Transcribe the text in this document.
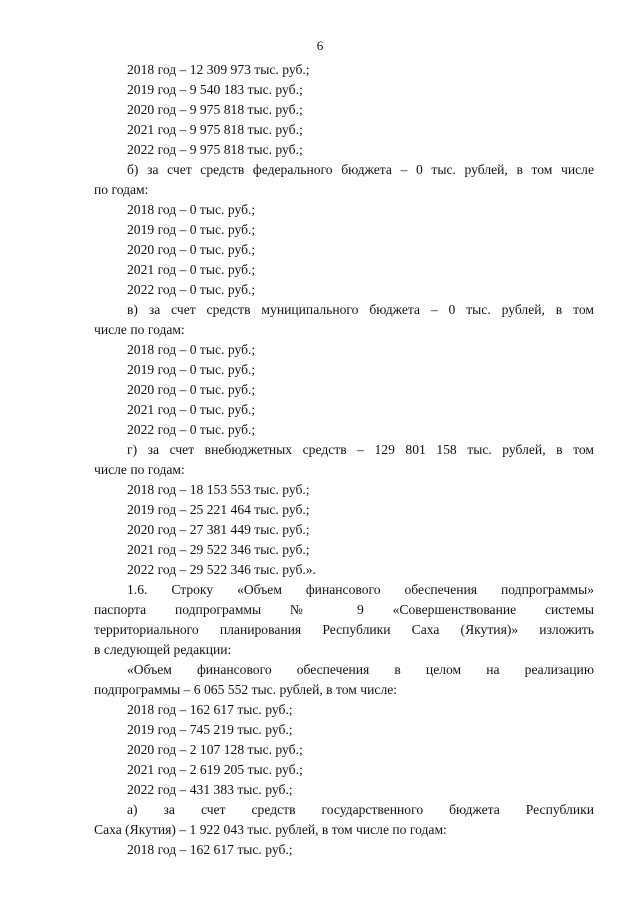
6
2018 год – 12 309 973 тыс. руб.;
2019 год – 9 540 183 тыс. руб.;
2020 год – 9 975 818 тыс. руб.;
2021 год – 9 975 818 тыс. руб.;
2022 год – 9 975 818 тыс. руб.;
б) за счет средств федерального бюджета – 0 тыс. рублей, в том числе
по годам:
2018 год – 0 тыс. руб.;
2019 год – 0 тыс. руб.;
2020 год – 0 тыс. руб.;
2021 год – 0 тыс. руб.;
2022 год – 0 тыс. руб.;
в) за счет средств муниципального бюджета – 0 тыс. рублей, в том
числе по годам:
2018 год – 0 тыс. руб.;
2019 год – 0 тыс. руб.;
2020 год – 0 тыс. руб.;
2021 год – 0 тыс. руб.;
2022 год – 0 тыс. руб.;
г) за счет внебюджетных средств – 129 801 158 тыс. рублей, в том
числе по годам:
2018 год – 18 153 553 тыс. руб.;
2019 год – 25 221 464 тыс. руб.;
2020 год – 27 381 449 тыс. руб.;
2021 год – 29 522 346 тыс. руб.;
2022 год – 29 522 346 тыс. руб.».
1.6. Строку «Объем финансового обеспечения подпрограммы»
паспорта подпрограммы № 9 «Совершенствование системы
территориального планирования Республики Саха (Якутия)» изложить
в следующей редакции:
«Объем финансового обеспечения в целом на реализацию
подпрограммы – 6 065 552 тыс. рублей, в том числе:
2018 год – 162 617 тыс. руб.;
2019 год – 745 219 тыс. руб.;
2020 год – 2 107 128 тыс. руб.;
2021 год – 2 619 205 тыс. руб.;
2022 год – 431 383 тыс. руб.;
а) за счет средств государственного бюджета Республики
Саха (Якутия) – 1 922 043 тыс. рублей, в том числе по годам:
2018 год – 162 617 тыс. руб.;
